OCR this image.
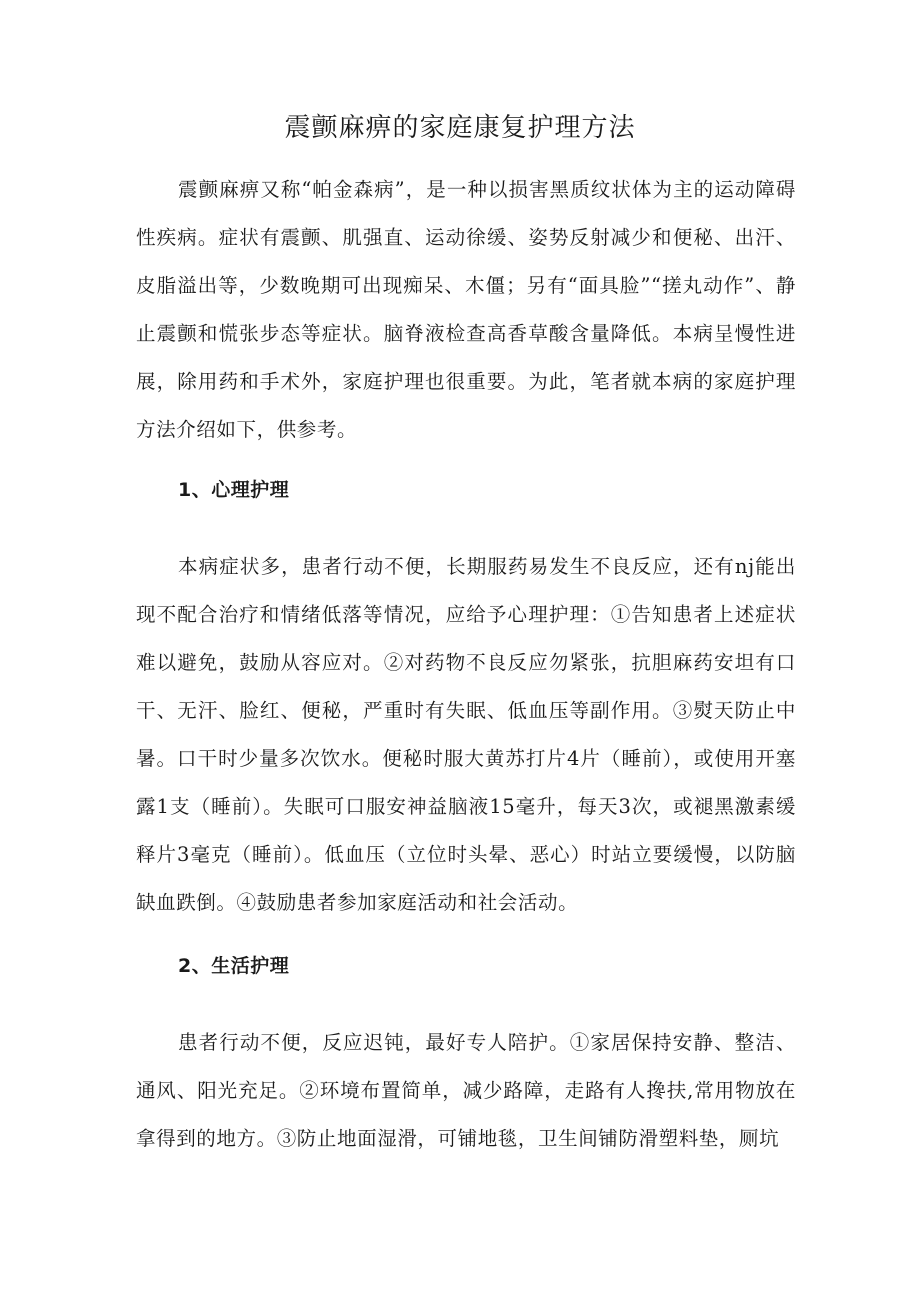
震颤麻痹的家庭康复护理方法

震颤麻痹又称“帕金森病”，是一种以损害黑质纹状体为主的运动障碍性疾病。症状有震颤、肌强直、运动徐缓、姿势反射减少和便秘、出汗、皮脂溢出等，少数晚期可出现痴呆、木僵；另有“面具脸”“搓丸动作”、静止震颤和慌张步态等症状。脑脊液检查高香草酸含量降低。本病呈慢性进展，除用药和手术外，家庭护理也很重要。为此，笔者就本病的家庭护理方法介绍如下，供参考。

1、心理护理

本病症状多，患者行动不便，长期服药易发生不良反应，还有nj能出现不配合治疗和情绪低落等情况，应给予心理护理：①告知患者上述症状难以避免，鼓励从容应对。②对药物不良反应勿紧张，抗胆麻药安坦有口干、无汗、脸红、便秘，严重时有失眠、低血压等副作用。③熨天防止中暑。口干时少量多次饮水。便秘时服大黄苏打片4片（睡前），或使用开塞露1支（睡前）。失眠可口服安神益脑液15毫升，每天3次，或褪黑激素缓释片3毫克（睡前）。低血压（立位时头晕、恶心）时站立要缓慢，以防脑缺血跌倒。④鼓励患者参加家庭活动和社会活动。

2、生活护理

患者行动不便，反应迟钝，最好专人陪护。①家居保持安静、整洁、通风、阳光充足。②环境布置简单，减少路障，走路有人搀扶,常用物放在拿得到的地方。③防止地面湿滑，可铺地毯，卫生间铺防滑塑料垫，厕坑
